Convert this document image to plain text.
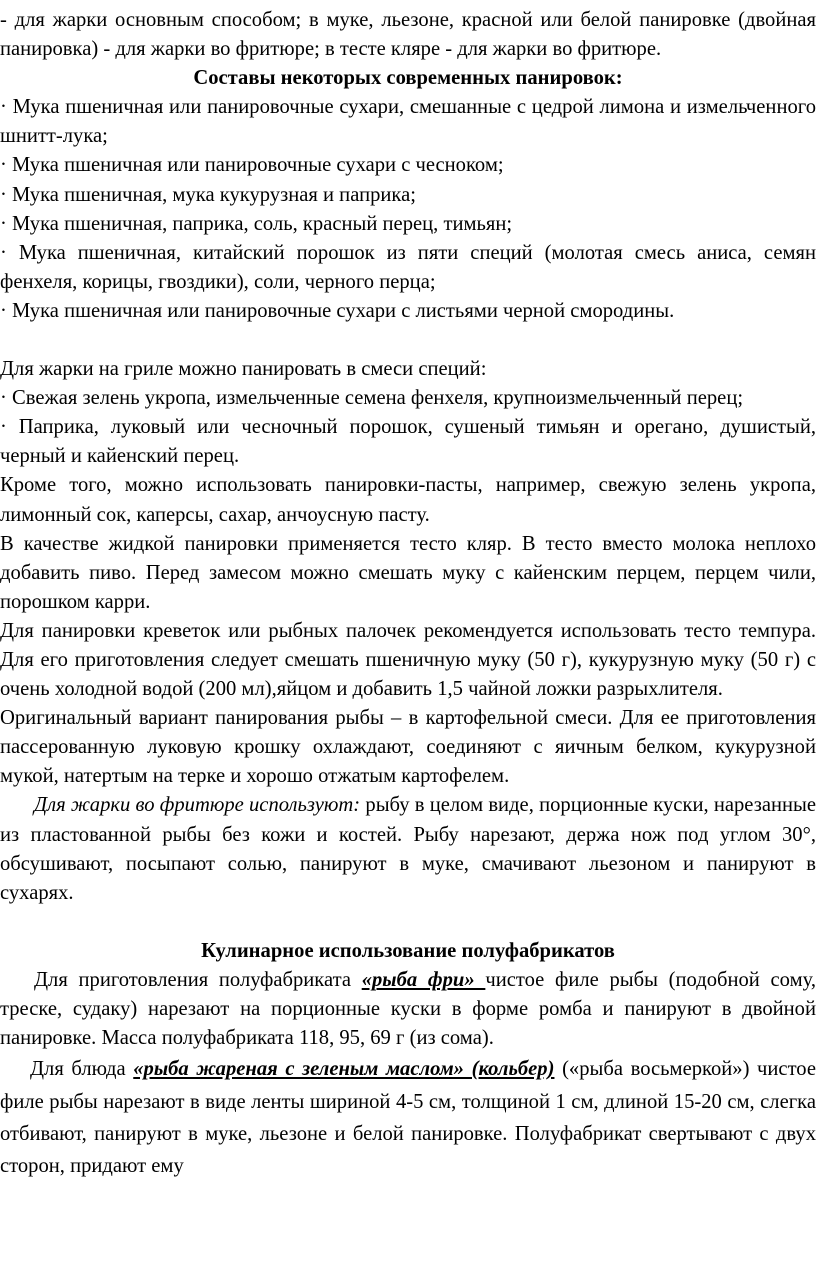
- для жарки основным способом; в муке, льезоне, красной или белой панировке (двойная панировка) - для жарки во фритюре; в тесте кляре - для жарки во фритюре.

Составы некоторых современных панировок:

· Мука пшеничная или панировочные сухари, смешанные с цедрой лимона и измельченного шнитт-лука;

· Мука пшеничная или панировочные сухари с чесноком;

· Мука пшеничная, мука кукурузная и паприка;

· Мука пшеничная, паприка, соль, красный перец, тимьян;

· Мука пшеничная, китайский порошок из пяти специй (молотая смесь аниса, семян фенхеля, корицы, гвоздики), соли, черного перца;

· Мука пшеничная или панировочные сухари с листьями черной смородины.

Для жарки на гриле можно панировать в смеси специй:

· Свежая зелень укропа, измельченные семена фенхеля, крупноизмельченный перец;

· Паприка, луковый или чесночный порошок, сушеный тимьян и орегано, душистый, черный и кайенский перец.

Кроме того, можно использовать панировки-пасты, например, свежую зелень укропа, лимонный сок, каперсы, сахар, анчоусную пасту.

В качестве жидкой панировки применяется тесто кляр. В тесто вместо молока неплохо добавить пиво. Перед замесом можно смешать муку с кайенским перцем, перцем чили, порошком карри.

Для панировки креветок или рыбных палочек рекомендуется использовать тесто темпура. Для его приготовления следует смешать пшеничную муку (50 г), кукурузную муку (50 г) с очень холодной водой (200 мл),яйцом и добавить 1,5 чайной ложки разрыхлителя.

Оригинальный вариант панирования рыбы – в картофельной смеси. Для ее приготовления пассерованную луковую крошку охлаждают, соединяют с яичным белком, кукурузной мукой, натертым на терке и хорошо отжатым картофелем.

Для жарки во фритюре используют: рыбу в целом виде, порционные куски, нарезанные из пластованной рыбы без кожи и костей. Рыбу нарезают, держа нож под углом 30°, обсушивают, посыпают солью, панируют в муке, смачивают льезоном и панируют в сухарях.

Кулинарное использование полуфабрикатов

Для приготовления полуфабриката «рыба фри» чистое филе рыбы (подобной сому, треске, судаку) нарезают на порционные куски в форме ромба и панируют в двойной панировке. Масса полуфабриката 118, 95, 69 г (из сома).

Для блюда «рыба жареная с зеленым маслом» (кольбер) («рыба восьмеркой») чистое филе рыбы нарезают в виде ленты шириной 4-5 см, толщиной 1 см, длиной 15-20 см, слегка отбивают, панируют в муке, льезоне и белой панировке. Полуфабрикат свертывают с двух сторон, придают ему
